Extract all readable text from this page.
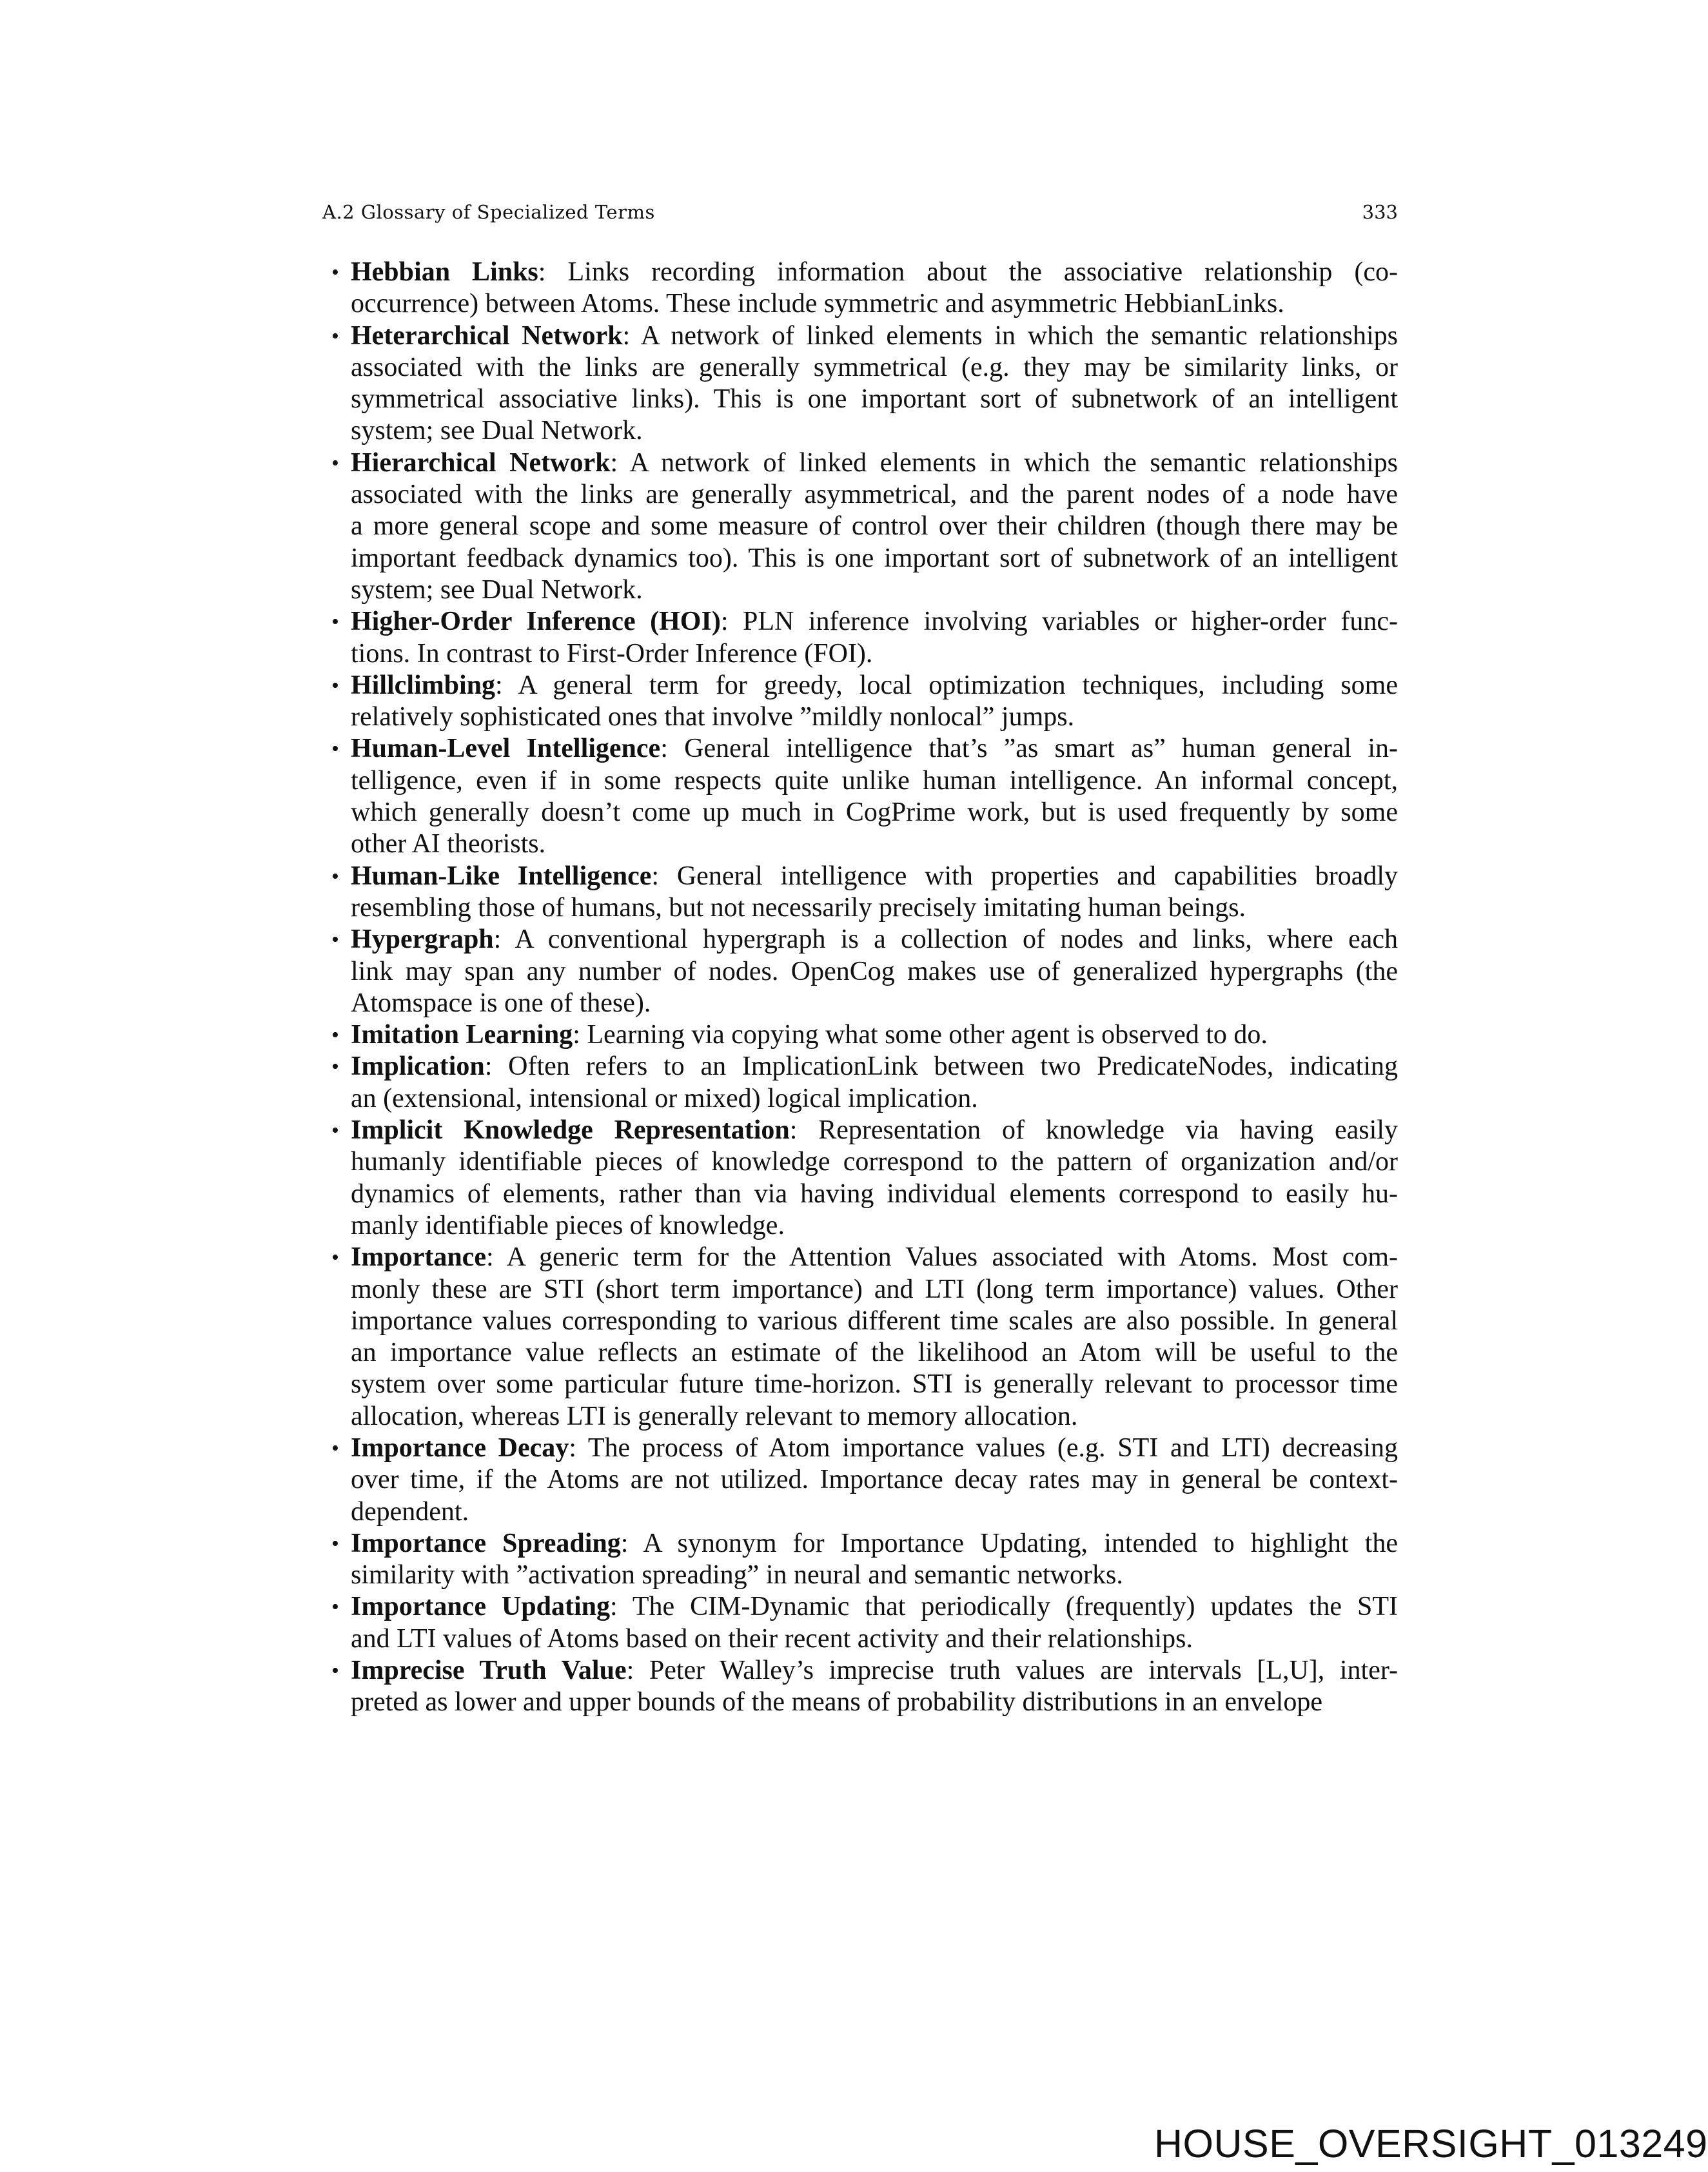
A.2 Glossary of Specialized Terms	333
• Hebbian Links: Links recording information about the associative relationship (co-
occurrence) between Atoms. These include symmetric and asymmetric HebbianLinks.
• Heterarchical Network: A network of linked elements in which the semantic relationships
associated with the links are generally symmetrical (e.g. they may be similarity links, or
symmetrical associative links). This is one important sort of subnetwork of an intelligent
system; see Dual Network.
• Hierarchical Network: A network of linked elements in which the semantic relationships
associated with the links are generally asymmetrical, and the parent nodes of a node have
a more general scope and some measure of control over their children (though there may be
important feedback dynamics too). This is one important sort of subnetwork of an intelligent
system; see Dual Network.
• Higher-Order Inference (HOI): PLN inference involving variables or higher-order func-
tions. In contrast to First-Order Inference (FOI).
• Hillclimbing: A general term for greedy, local optimization techniques, including some
relatively sophisticated ones that involve ”mildly nonlocal” jumps.
• Human-Level Intelligence: General intelligence that’s ”as smart as” human general in-
telligence, even if in some respects quite unlike human intelligence. An informal concept,
which generally doesn’t come up much in CogPrime work, but is used frequently by some
other AI theorists.
• Human-Like Intelligence: General intelligence with properties and capabilities broadly
resembling those of humans, but not necessarily precisely imitating human beings.
• Hypergraph: A conventional hypergraph is a collection of nodes and links, where each
link may span any number of nodes. OpenCog makes use of generalized hypergraphs (the
Atomspace is one of these).
• Imitation Learning: Learning via copying what some other agent is observed to do.
• Implication: Often refers to an ImplicationLink between two PredicateNodes, indicating
an (extensional, intensional or mixed) logical implication.
• Implicit Knowledge Representation: Representation of knowledge via having easily
humanly identifiable pieces of knowledge correspond to the pattern of organization and/or
dynamics of elements, rather than via having individual elements correspond to easily hu-
manly identifiable pieces of knowledge.
• Importance: A generic term for the Attention Values associated with Atoms. Most com-
monly these are STI (short term importance) and LTI (long term importance) values. Other
importance values corresponding to various different time scales are also possible. In general
an importance value reflects an estimate of the likelihood an Atom will be useful to the
system over some particular future time-horizon. STI is generally relevant to processor time
allocation, whereas LTI is generally relevant to memory allocation.
• Importance Decay: The process of Atom importance values (e.g. STI and LTI) decreasing
over time, if the Atoms are not utilized. Importance decay rates may in general be context-
dependent.
• Importance Spreading: A synonym for Importance Updating, intended to highlight the
similarity with ”activation spreading” in neural and semantic networks.
• Importance Updating: The CIM-Dynamic that periodically (frequently) updates the STI
and LTI values of Atoms based on their recent activity and their relationships.
• Imprecise Truth Value: Peter Walley’s imprecise truth values are intervals [L,U], inter-
preted as lower and upper bounds of the means of probability distributions in an envelope
HOUSE_OVERSIGHT_013249
